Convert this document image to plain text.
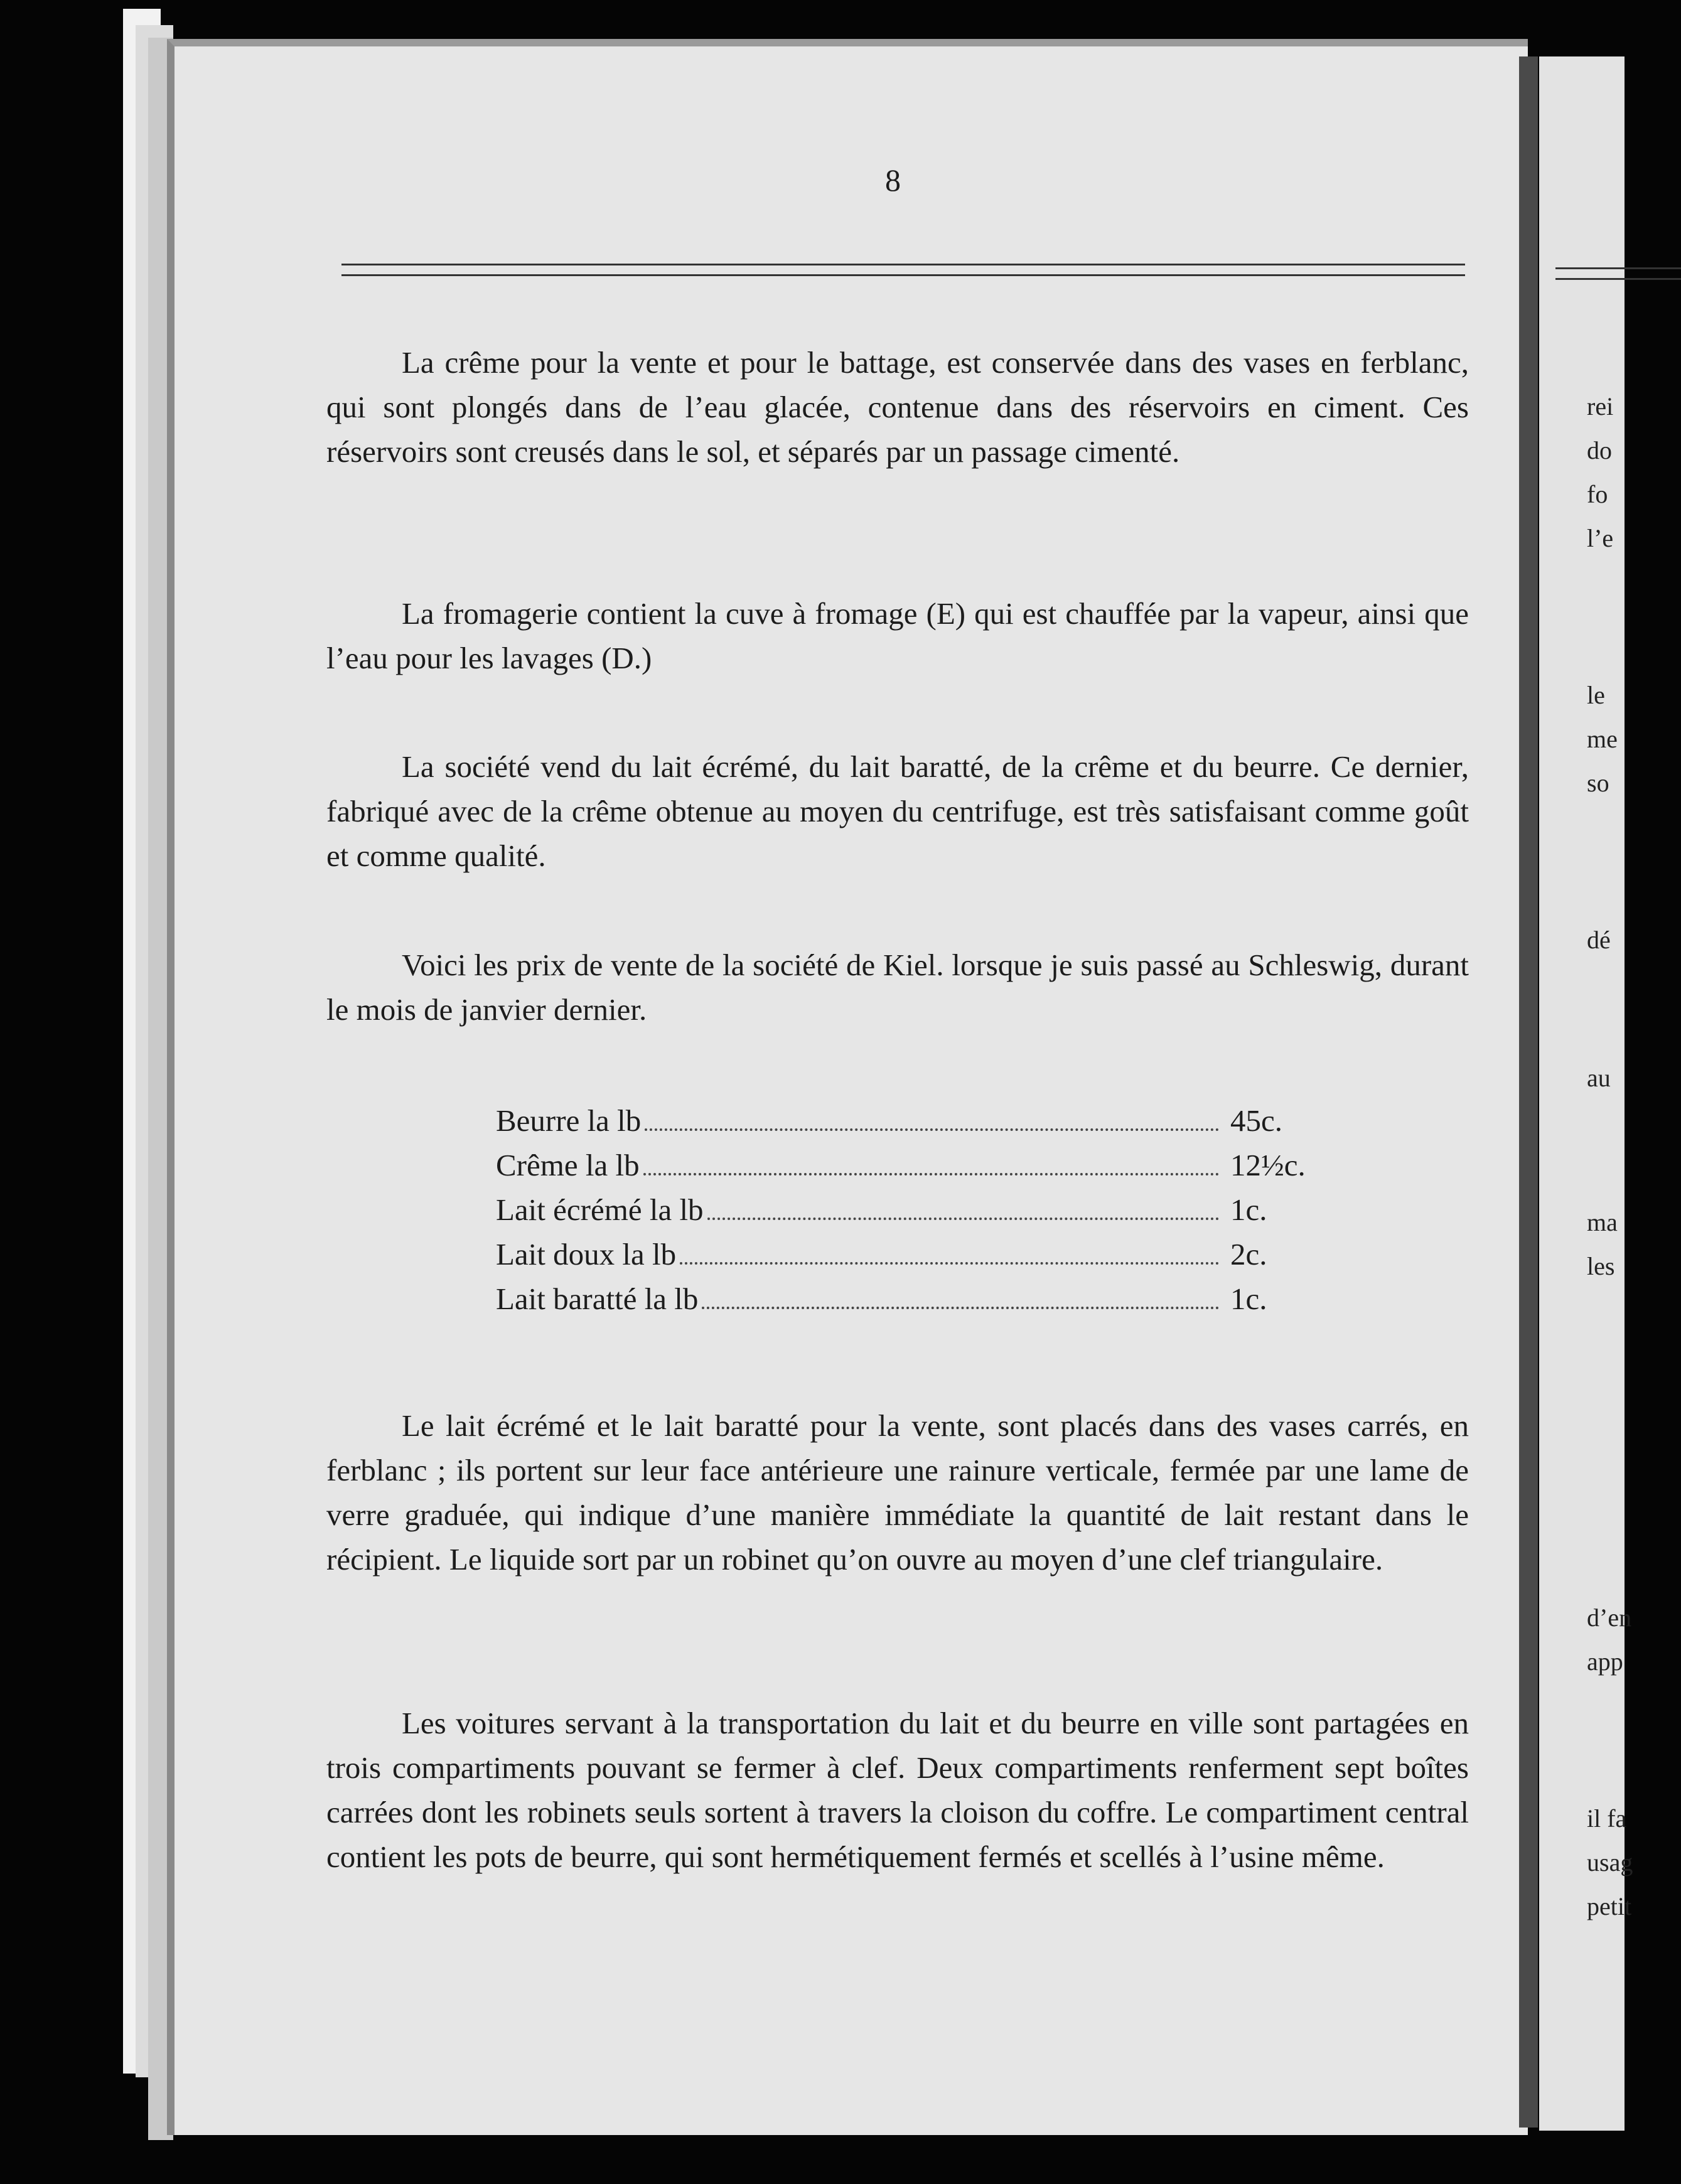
8

La crême pour la vente et pour le battage, est conservée dans des vases en ferblanc, qui sont plongés dans de l’eau glacée, contenue dans des réservoirs en ciment. Ces réservoirs sont creusés dans le sol, et séparés par un passage cimenté.

La fromagerie contient la cuve à fromage (E) qui est chauffée par la vapeur, ainsi que l’eau pour les lavages (D.)

La société vend du lait écrémé, du lait baratté, de la crême et du beurre. Ce dernier, fabriqué avec de la crême obtenue au moyen du centrifuge, est très satisfaisant comme goût et comme qualité.

Voici les prix de vente de la société de Kiel. lorsque je suis passé au Schleswig, durant le mois de janvier dernier.

Beurre la lb	45c.
Crême la lb	12½c.
Lait écrémé la lb	1c.
Lait doux la lb	2c.
Lait baratté la lb	1c.

Le lait écrémé et le lait baratté pour la vente, sont placés dans des vases carrés, en ferblanc ; ils portent sur leur face antérieure une rainure verticale, fermée par une lame de verre graduée, qui indique d’une manière immédiate la quantité de lait restant dans le récipient. Le liquide sort par un robinet qu’on ouvre au moyen d’une clef triangulaire.

Les voitures servant à la transportation du lait et du beurre en ville sont partagées en trois compartiments pouvant se fermer à clef. Deux compartiments renferment sept boîtes carrées dont les robinets seuls sortent à travers la cloison du coffre. Le compartiment central contient les pots de beurre, qui sont hermétiquement fermés et scellés à l’usine même.

rei
do
fo
l’e
le
me
so
dé
au
ma
les
d’en
app
il fa
usag
petit
